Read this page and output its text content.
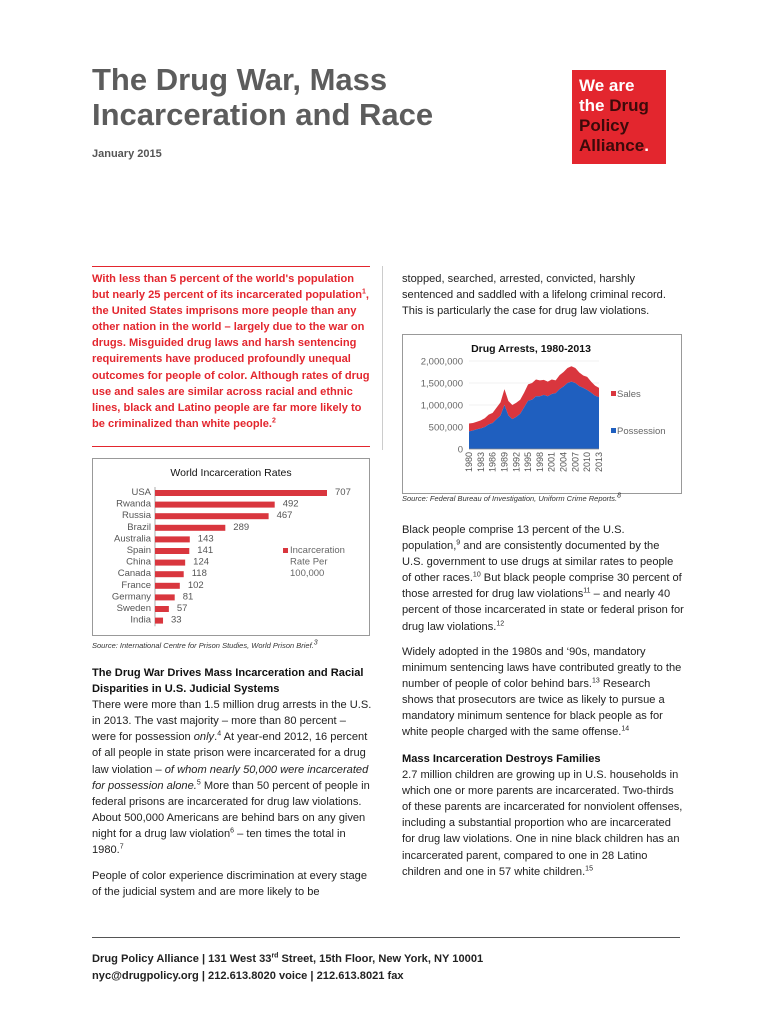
The Drug War, Mass
Incarceration and Race
January 2015
We are
the Drug
Policy
Alliance.

With less than 5 percent of the world's population but nearly 25 percent of its incarcerated population$^1$, the United States imprisons more people than any other nation in the world – largely due to the war on drugs. Misguided drug laws and harsh sentencing requirements have produced profoundly unequal outcomes for people of color. Although rates of drug use and sales are similar across racial and ethnic lines, black and Latino people are far more likely to be criminalized than white people.$^2$

World Incarceration Rates
USA	707
Rwanda	492
Russia	467
Brazil	289
Australia	143
Spain	141
China	124
Canada	118
France	102
Germany	81
Sweden	57
India 33
Incarceration
Rate Per
100,000
Source: International Centre for Prison Studies, World Prison Brief.$^3$

The Drug War Drives Mass Incarceration and Racial Disparities in U.S. Judicial Systems

There were more than 1.5 million drug arrests in the U.S. in 2013. The vast majority – more than 80 percent – were for possession only.$^4$ At year-end 2012, 16 percent of all people in state prison were incarcerated for a drug law violation – of whom nearly 50,000 were incarcerated for possession alone.$^5$ More than 50 percent of people in federal prisons are incarcerated for drug law violations. About 500,000 Americans are behind bars on any given night for a drug law violation$^6$ – ten times the total in 1980.$^7$

People of color experience discrimination at every stage of the judicial system and are more likely to be

stopped, searched, arrested, convicted, harshly sentenced and saddled with a lifelong criminal record. This is particularly the case for drug law violations.

Drug Arrests, 1980-2013
2,000,000
1,500,000
1,000,000
500,000
0
1980 1983 1986 1989 1992 1995 1998 2001 2004 2007 2010 2013
Sales
Possession
Source: Federal Bureau of Investigation, Uniform Crime Reports.$^8$

Black people comprise 13 percent of the U.S. population,$^9$ and are consistently documented by the U.S. government to use drugs at similar rates to people of other races.$^{10}$ But black people comprise 30 percent of those arrested for drug law violations$^{11}$ – and nearly 40 percent of those incarcerated in state or federal prison for drug law violations.$^{12}$

Widely adopted in the 1980s and ‘90s, mandatory minimum sentencing laws have contributed greatly to the number of people of color behind bars.$^{13}$ Research shows that prosecutors are twice as likely to pursue a mandatory minimum sentence for black people as for white people charged with the same offense.$^{14}$

Mass Incarceration Destroys Families

2.7 million children are growing up in U.S. households in which one or more parents are incarcerated. Two-thirds of these parents are incarcerated for nonviolent offenses, including a substantial proportion who are incarcerated for drug law violations. One in nine black children has an incarcerated parent, compared to one in 28 Latino children and one in 57 white children.$^{15}$

Drug Policy Alliance | 131 West 33rd Street, 15th Floor, New York, NY 10001
nyc@drugpolicy.org | 212.613.8020 voice | 212.613.8021 fax
